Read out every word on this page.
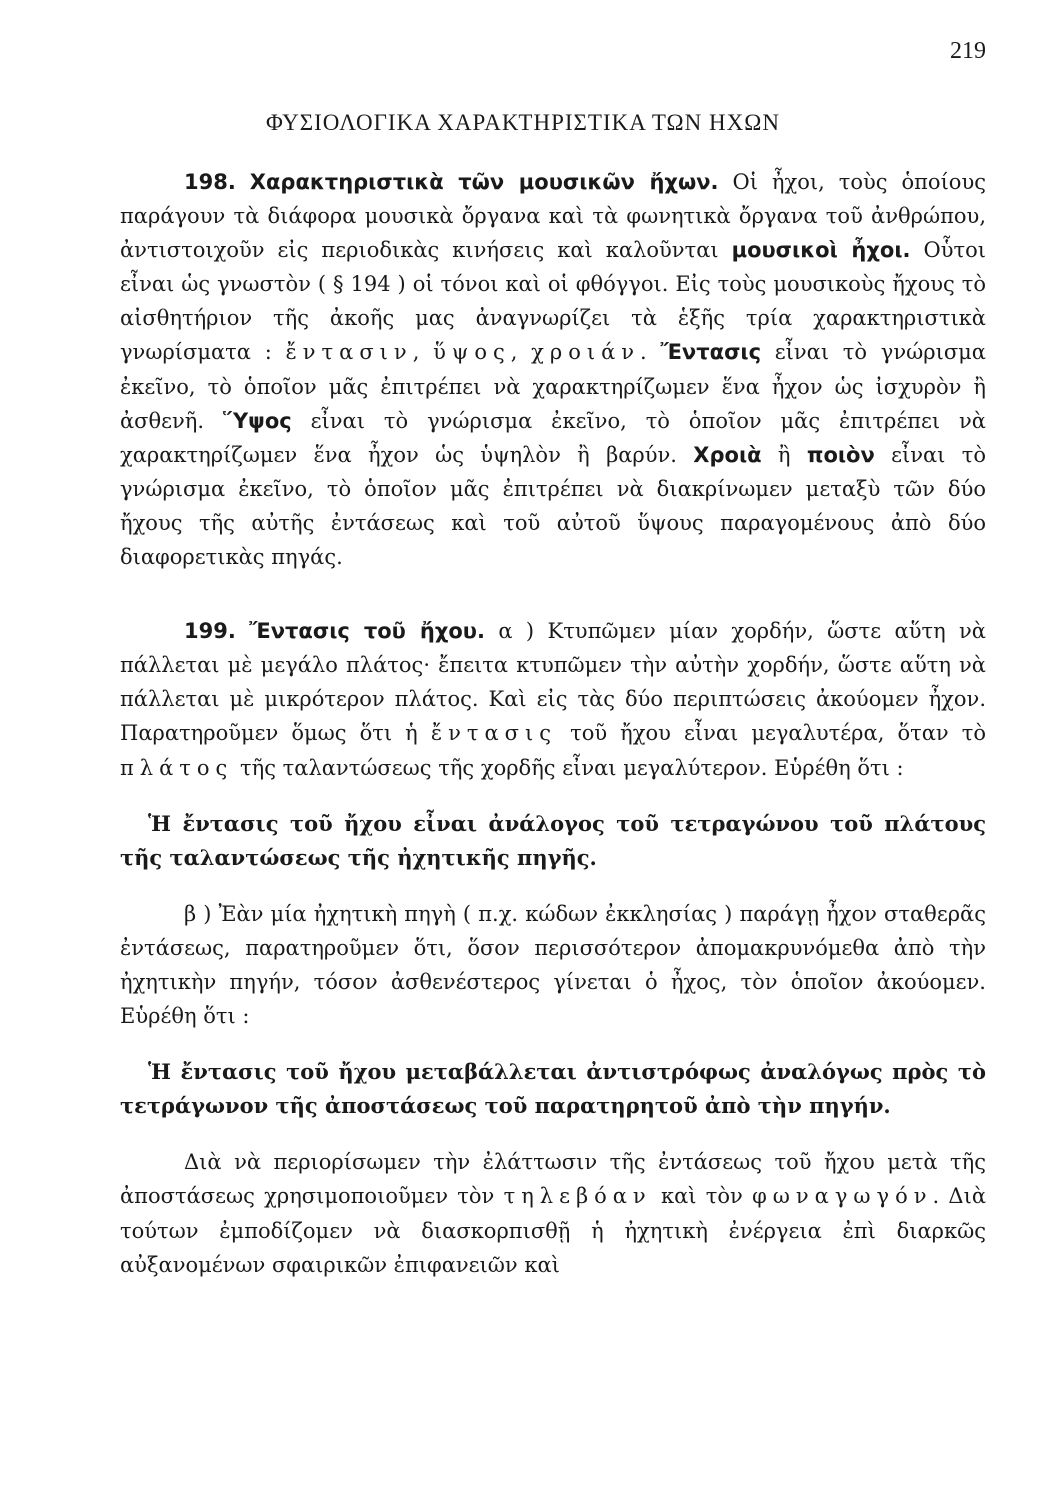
219
ΦΥΣΙΟΛΟΓΙΚΑ ΧΑΡΑΚΤΗΡΙΣΤΙΚΑ ΤΩΝ ΗΧΩΝ

198. Χαρακτηριστικὰ τῶν μουσικῶν ἤχων. Οἱ ἦχοι, τοὺς ὁποίους παράγουν τὰ διάφορα μουσικὰ ὄργανα καὶ τὰ φωνητικὰ ὄργανα τοῦ ἀνθρώπου, ἀντιστοιχοῦν εἰς περιοδικὰς κινήσεις καὶ καλοῦνται μουσικοὶ ἦχοι. Οὗτοι εἶναι ὡς γνωστὸν ( § 194 ) οἱ τόνοι καὶ οἱ φθόγγοι. Εἰς τοὺς μουσικοὺς ἤχους τὸ αἰσθητήριον τῆς ἀκοῆς μας ἀναγνωρίζει τὰ ἑξῆς τρία χαρακτηριστικὰ γνωρίσματα : ἔντασιν, ὕψος, χροιάν. Ἔντασις εἶναι τὸ γνώρισμα ἐκεῖνο, τὸ ὁποῖον μᾶς ἐπιτρέπει νὰ χαρακτηρίζωμεν ἕνα ἦχον ὡς ἰσχυρὸν ἢ ἀσθενῆ. Ὕψος εἶναι τὸ γνώρισμα ἐκεῖνο, τὸ ὁποῖον μᾶς ἐπιτρέπει νὰ χαρακτηρίζωμεν ἕνα ἦχον ὡς ὑψηλὸν ἢ βαρύν. Χροιὰ ἢ ποιὸν εἶναι τὸ γνώρισμα ἐκεῖνο, τὸ ὁποῖον μᾶς ἐπιτρέπει νὰ διακρίνωμεν μεταξὺ τῶν δύο ἤχους τῆς αὐτῆς ἐντάσεως καὶ τοῦ αὐτοῦ ὕψους παραγομένους ἀπὸ δύο διαφορετικὰς πηγάς.

199. Ἔντασις τοῦ ἤχου. α ) Κτυπῶμεν μίαν χορδήν, ὥστε αὕτη νὰ πάλλεται μὲ μεγάλο πλάτος· ἔπειτα κτυπῶμεν τὴν αὐτὴν χορδήν, ὥστε αὕτη νὰ πάλλεται μὲ μικρότερον πλάτος. Καὶ εἰς τὰς δύο περιπτώσεις ἀκούομεν ἦχον. Παρατηροῦμεν ὅμως ὅτι ἡ ἔντασις τοῦ ἤχου εἶναι μεγαλυτέρα, ὅταν τὸ πλάτος τῆς ταλαντώσεως τῆς χορδῆς εἶναι μεγαλύτερον. Εὑρέθη ὅτι :

Ἡ ἔντασις τοῦ ἤχου εἶναι ἀνάλογος τοῦ τετραγώνου τοῦ πλάτους τῆς ταλαντώσεως τῆς ἠχητικῆς πηγῆς.

β ) Ἐὰν μία ἠχητικὴ πηγὴ ( π.χ. κώδων ἐκκλησίας ) παράγῃ ἦχον σταθερᾶς ἐντάσεως, παρατηροῦμεν ὅτι, ὅσον περισσότερον ἀπομακρυνόμεθα ἀπὸ τὴν ἠχητικὴν πηγήν, τόσον ἀσθενέστερος γίνεται ὁ ἦχος, τὸν ὁποῖον ἀκούομεν. Εὑρέθη ὅτι :

Ἡ ἔντασις τοῦ ἤχου μεταβάλλεται ἀντιστρόφως ἀναλόγως πρὸς τὸ τετράγωνον τῆς ἀποστάσεως τοῦ παρατηρητοῦ ἀπὸ τὴν πηγήν.

Διὰ νὰ περιορίσωμεν τὴν ἐλάττωσιν τῆς ἐντάσεως τοῦ ἤχου μετὰ τῆς ἀποστάσεως χρησιμοποιοῦμεν τὸν τηλεβόαν καὶ τὸν φωναγωγόν. Διὰ τούτων ἐμποδίζομεν νὰ διασκορπισθῇ ἡ ἠχητικὴ ἐνέργεια ἐπὶ διαρκῶς αὐξανομένων σφαιρικῶν ἐπιφανειῶν καὶ
